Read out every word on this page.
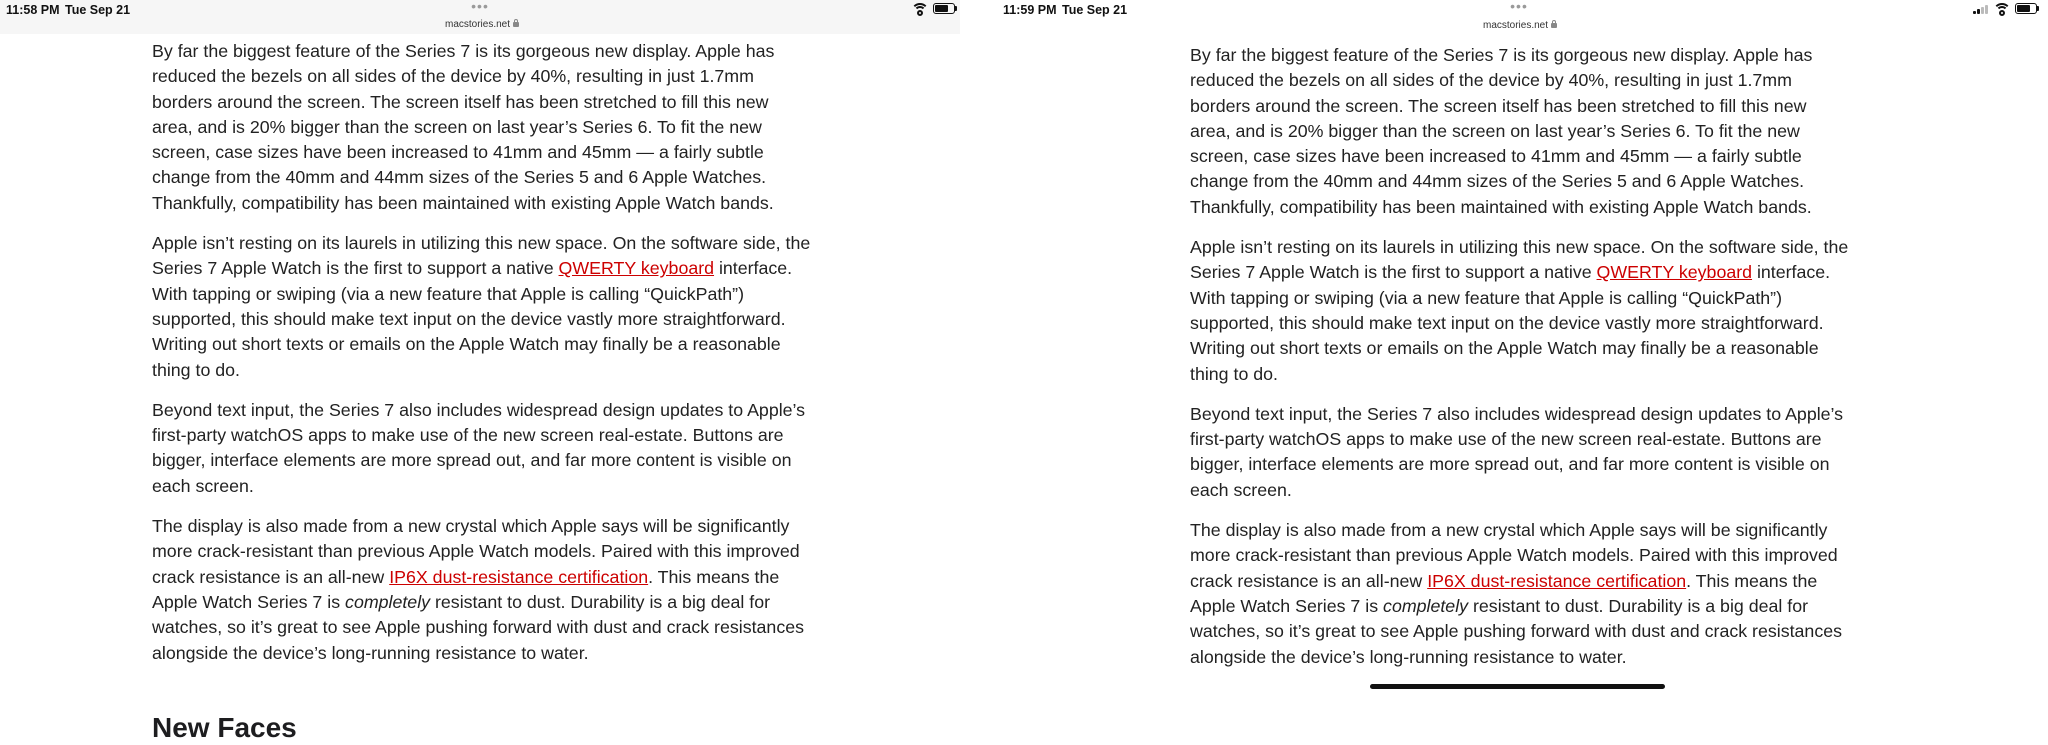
11:58 PM Tue Sep 21	•••
macstories.net

By far the biggest feature of the Series 7 is its gorgeous new display. Apple has reduced the bezels on all sides of the device by 40%, resulting in just 1.7mm borders around the screen. The screen itself has been stretched to fill this new area, and is 20% bigger than the screen on last year’s Series 6. To fit the new screen, case sizes have been increased to 41mm and 45mm — a fairly subtle change from the 40mm and 44mm sizes of the Series 5 and 6 Apple Watches. Thankfully, compatibility has been maintained with existing Apple Watch bands.

Apple isn’t resting on its laurels in utilizing this new space. On the software side, the Series 7 Apple Watch is the first to support a native QWERTY keyboard interface. With tapping or swiping (via a new feature that Apple is calling “QuickPath”) supported, this should make text input on the device vastly more straightforward. Writing out short texts or emails on the Apple Watch may finally be a reasonable thing to do.

Beyond text input, the Series 7 also includes widespread design updates to Apple’s first-party watchOS apps to make use of the new screen real-estate. Buttons are bigger, interface elements are more spread out, and far more content is visible on each screen.

The display is also made from a new crystal which Apple says will be significantly more crack-resistant than previous Apple Watch models. Paired with this improved crack resistance is an all-new IP6X dust-resistance certification. This means the Apple Watch Series 7 is completely resistant to dust. Durability is a big deal for watches, so it’s great to see Apple pushing forward with dust and crack resistances alongside the device’s long-running resistance to water.

New Faces
11:59 PM Tue Sep 21	•••
macstories.net

By far the biggest feature of the Series 7 is its gorgeous new display. Apple has reduced the bezels on all sides of the device by 40%, resulting in just 1.7mm borders around the screen. The screen itself has been stretched to fill this new area, and is 20% bigger than the screen on last year’s Series 6. To fit the new screen, case sizes have been increased to 41mm and 45mm — a fairly subtle change from the 40mm and 44mm sizes of the Series 5 and 6 Apple Watches. Thankfully, compatibility has been maintained with existing Apple Watch bands.

Apple isn’t resting on its laurels in utilizing this new space. On the software side, the Series 7 Apple Watch is the first to support a native QWERTY keyboard interface. With tapping or swiping (via a new feature that Apple is calling “QuickPath”) supported, this should make text input on the device vastly more straightforward. Writing out short texts or emails on the Apple Watch may finally be a reasonable thing to do.

Beyond text input, the Series 7 also includes widespread design updates to Apple’s first-party watchOS apps to make use of the new screen real-estate. Buttons are bigger, interface elements are more spread out, and far more content is visible on each screen.

The display is also made from a new crystal which Apple says will be significantly more crack-resistant than previous Apple Watch models. Paired with this improved crack resistance is an all-new IP6X dust-resistance certification. This means the Apple Watch Series 7 is completely resistant to dust. Durability is a big deal for watches, so it’s great to see Apple pushing forward with dust and crack resistances alongside the device’s long-running resistance to water.
